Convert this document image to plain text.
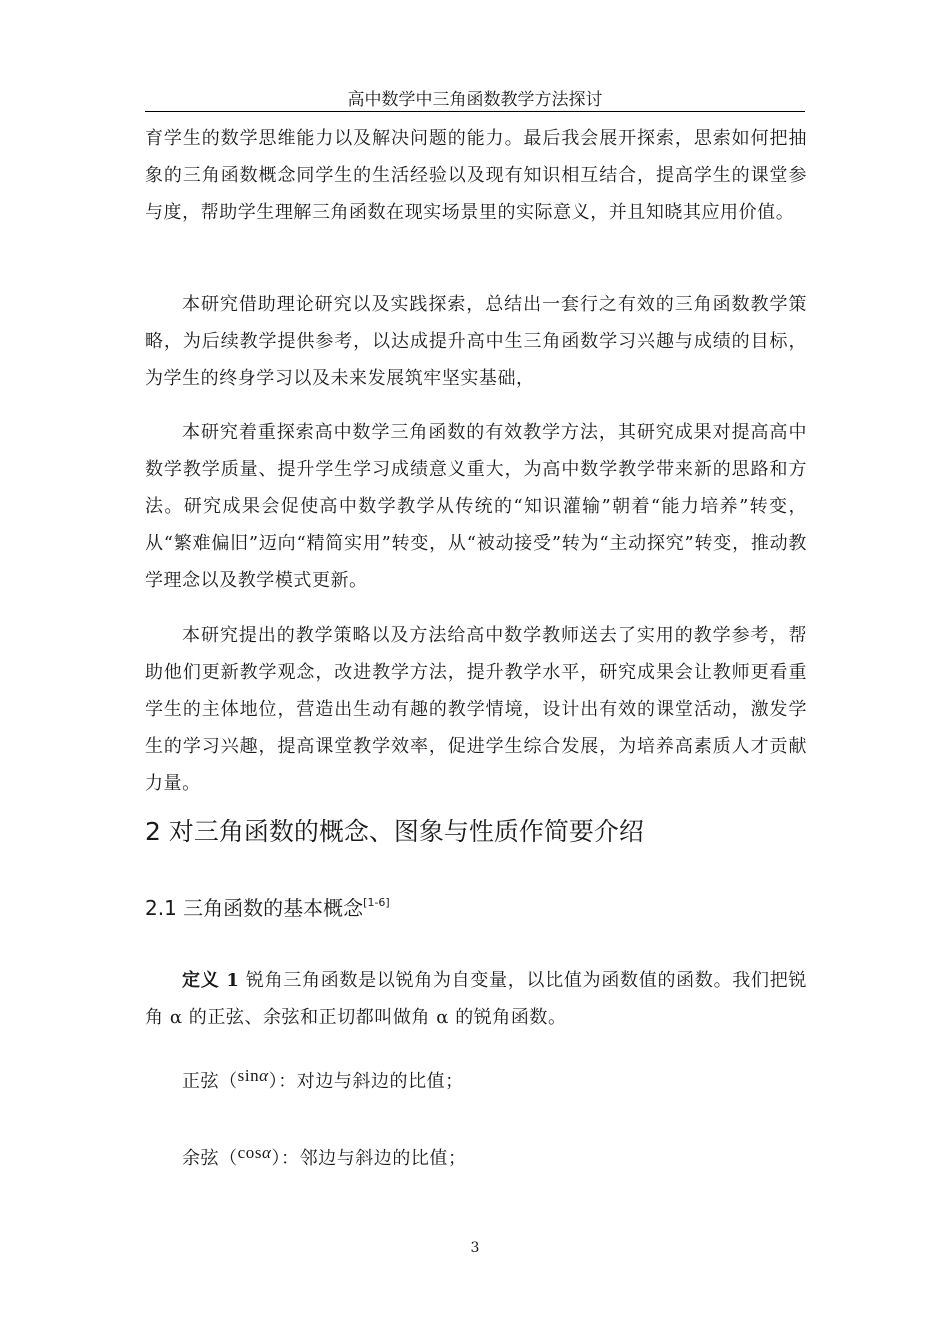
高中数学中三角函数教学方法探讨

育学生的数学思维能力以及解决问题的能力。最后我会展开探索，思索如何把抽象的三角函数概念同学生的生活经验以及现有知识相互结合，提高学生的课堂参与度，帮助学生理解三角函数在现实场景里的实际意义，并且知晓其应用价值。

本研究借助理论研究以及实践探索，总结出一套行之有效的三角函数教学策略，为后续教学提供参考，以达成提升高中生三角函数学习兴趣与成绩的目标，为学生的终身学习以及未来发展筑牢坚实基础，

本研究着重探索高中数学三角函数的有效教学方法，其研究成果对提高高中数学教学质量、提升学生学习成绩意义重大，为高中数学教学带来新的思路和方法。研究成果会促使高中数学教学从传统的“知识灌输”朝着“能力培养”转变，从“繁难偏旧”迈向“精简实用”转变，从“被动接受”转为“主动探究”转变，推动教学理念以及教学模式更新。

本研究提出的教学策略以及方法给高中数学教师送去了实用的教学参考，帮助他们更新教学观念，改进教学方法，提升教学水平，研究成果会让教师更看重学生的主体地位，营造出生动有趣的教学情境，设计出有效的课堂活动，激发学生的学习兴趣，提高课堂教学效率，促进学生综合发展，为培养高素质人才贡献力量。

2 对三角函数的概念、图象与性质作简要介绍
2.1 三角函数的基本概念[1-6]

定义 1 锐角三角函数是以锐角为自变量，以比值为函数值的函数。我们把锐角 α 的正弦、余弦和正切都叫做角 α 的锐角函数。

正弦（sinα）：对边与斜边的比值；
余弦（cosα）：邻边与斜边的比值；
3
